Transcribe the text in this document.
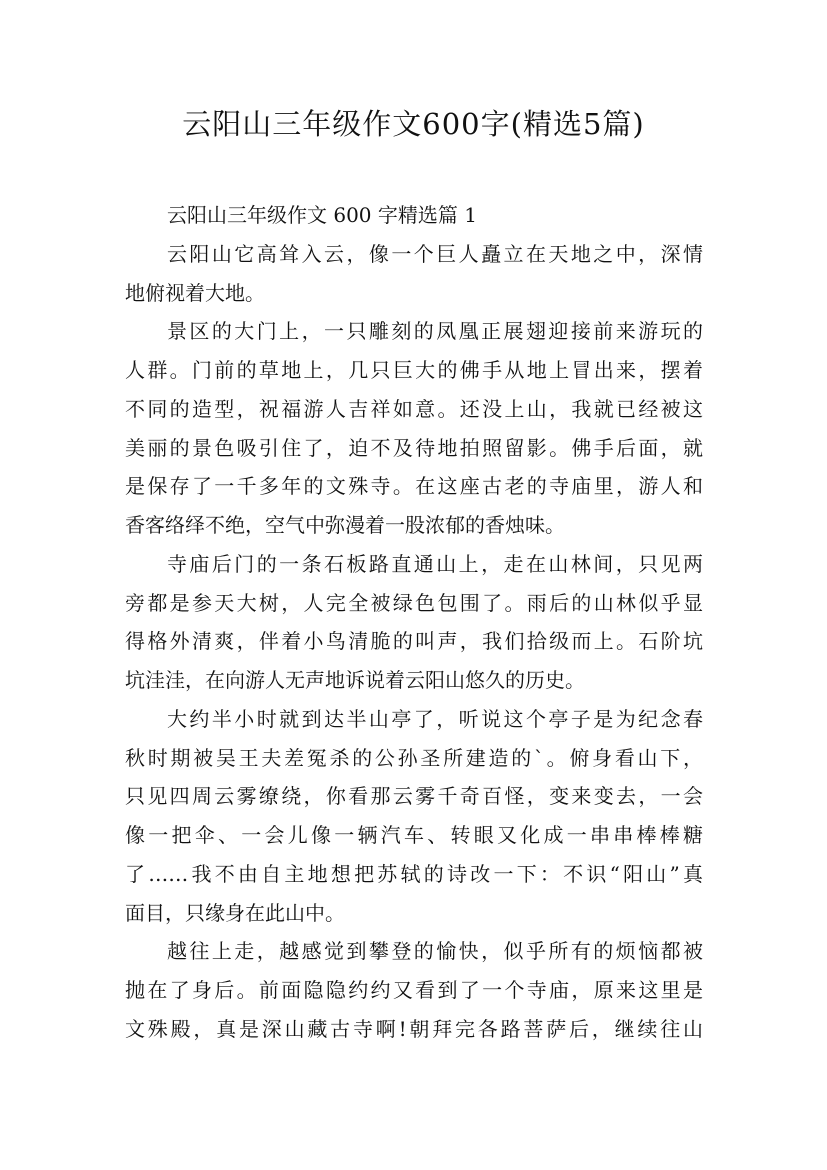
云阳山三年级作文600字(精选5篇)
云阳山三年级作文 600 字精选篇 1
云阳山它高耸入云，像一个巨人矗立在天地之中，深情
地俯视着大地。
景区的大门上，一只雕刻的凤凰正展翅迎接前来游玩的
人群。门前的草地上，几只巨大的佛手从地上冒出来，摆着
不同的造型，祝福游人吉祥如意。还没上山，我就已经被这
美丽的景色吸引住了，迫不及待地拍照留影。佛手后面，就
是保存了一千多年的文殊寺。在这座古老的寺庙里，游人和
香客络绎不绝，空气中弥漫着一股浓郁的香烛味。
寺庙后门的一条石板路直通山上，走在山林间，只见两
旁都是参天大树，人完全被绿色包围了。雨后的山林似乎显
得格外清爽，伴着小鸟清脆的叫声，我们拾级而上。石阶坑
坑洼洼，在向游人无声地诉说着云阳山悠久的历史。
大约半小时就到达半山亭了，听说这个亭子是为纪念春
秋时期被吴王夫差冤杀的公孙圣所建造的`。俯身看山下，
只见四周云雾缭绕，你看那云雾千奇百怪，变来变去，一会
像一把伞、一会儿像一辆汽车、转眼又化成一串串棒棒糖
了……我不由自主地想把苏轼的诗改一下：不识“阳山”真
面目，只缘身在此山中。
越往上走，越感觉到攀登的愉快，似乎所有的烦恼都被
抛在了身后。前面隐隐约约又看到了一个寺庙，原来这里是
文殊殿，真是深山藏古寺啊!朝拜完各路菩萨后，继续往山
